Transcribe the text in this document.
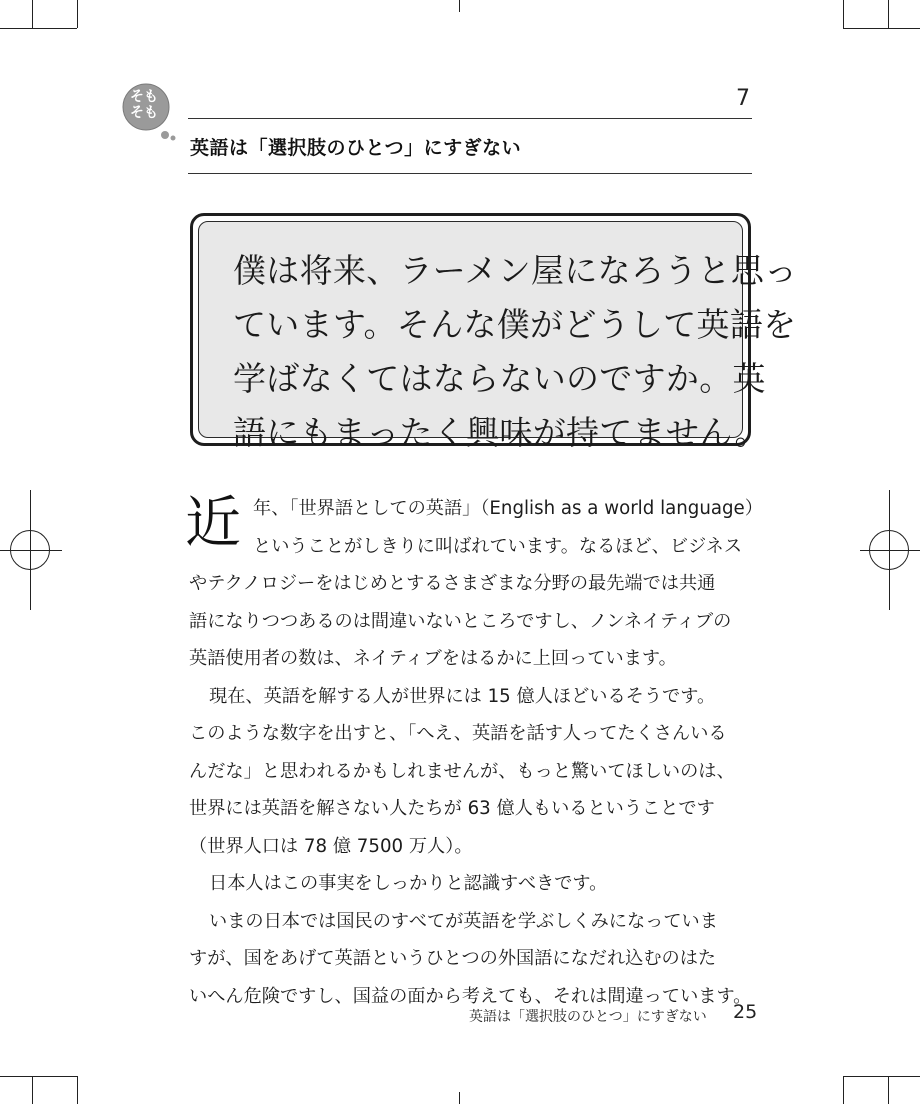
そもそも
7
英語は「選択肢のひとつ」にすぎない
僕は将来、ラーメン屋になろうと思っ
ています。そんな僕がどうして英語を
学ばなくてはならないのですか。英
語にもまったく興味が持てません。
近 年、「世界語としての英語」（English as a world language）
ということがしきりに叫ばれています。なるほど、ビジネス
やテクノロジーをはじめとするさまざまな分野の最先端では共通
語になりつつあるのは間違いないところですし、ノンネイティブの
英語使用者の数は、ネイティブをはるかに上回っています。

現在、英語を解する人が世界には 15 億人ほどいるそうです。
このような数字を出すと、「へえ、英語を話す人ってたくさんいる
んだな」と思われるかもしれませんが、もっと驚いてほしいのは、
世界には英語を解さない人たちが 63 億人もいるということです
（世界人口は 78 億 7500 万人）。

日本人はこの事実をしっかりと認識すべきです。

いまの日本では国民のすべてが英語を学ぶしくみになっていま
すが、国をあげて英語というひとつの外国語になだれ込むのはた
いへん危険ですし、国益の面から考えても、それは間違っています。

英語は「選択肢のひとつ」にすぎない 25
